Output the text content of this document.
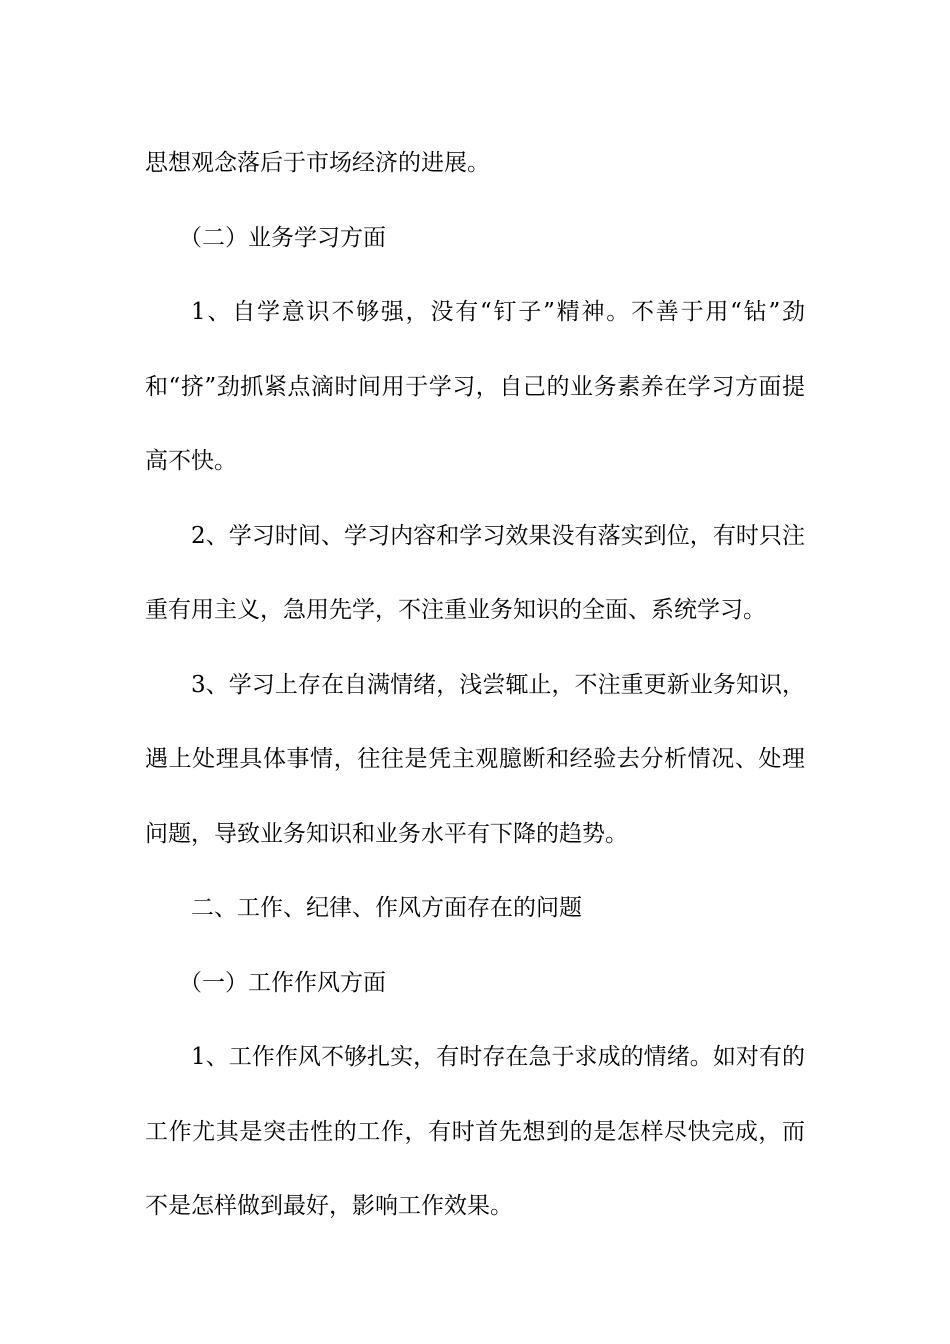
思想观念落后于市场经济的进展。

（二）业务学习方面

1、自学意识不够强，没有“钉子”精神。不善于用“钻”劲和“挤”劲抓紧点滴时间用于学习，自己的业务素养在学习方面提高不快。

2、学习时间、学习内容和学习效果没有落实到位，有时只注重有用主义，急用先学，不注重业务知识的全面、系统学习。

3、学习上存在自满情绪，浅尝辄止，不注重更新业务知识，遇上处理具体事情，往往是凭主观臆断和经验去分析情况、处理问题，导致业务知识和业务水平有下降的趋势。

二、工作、纪律、作风方面存在的问题

（一）工作作风方面

1、工作作风不够扎实，有时存在急于求成的情绪。如对有的工作尤其是突击性的工作，有时首先想到的是怎样尽快完成，而不是怎样做到最好，影响工作效果。
